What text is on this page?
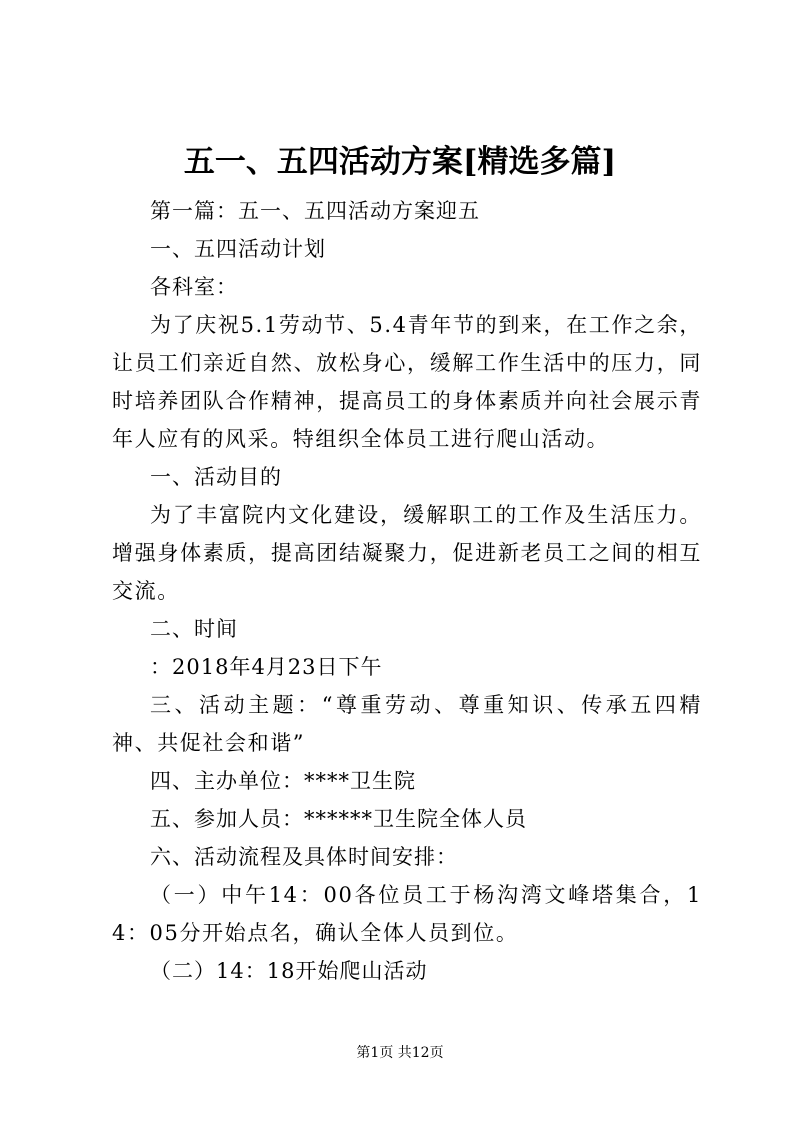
五一、五四活动方案[精选多篇]

第一篇：五一、五四活动方案迎五

一、五四活动计划

各科室：

为了庆祝5.1劳动节、5.4青年节的到来，在工作之余，让员工们亲近自然、放松身心，缓解工作生活中的压力，同时培养团队合作精神，提高员工的身体素质并向社会展示青年人应有的风采。特组织全体员工进行爬山活动。

一、活动目的

为了丰富院内文化建设，缓解职工的工作及生活压力。增强身体素质，提高团结凝聚力，促进新老员工之间的相互交流。

二、时间

：2018年4月23日下午

三、活动主题：“尊重劳动、尊重知识、传承五四精神、共促社会和谐”

四、主办单位：****卫生院

五、参加人员：******卫生院全体人员

六、活动流程及具体时间安排：

（一）中午14：00各位员工于杨沟湾文峰塔集合，14：05分开始点名，确认全体人员到位。

（二）14：18开始爬山活动

第1页 共12页
